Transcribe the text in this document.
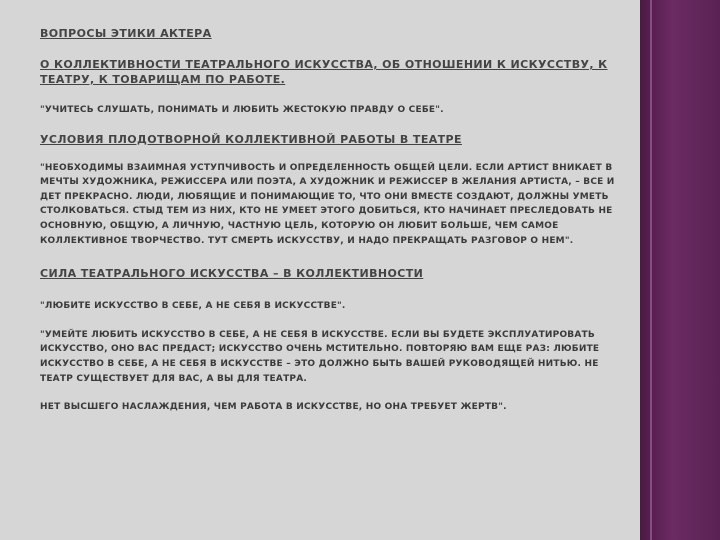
ВОПРОСЫ ЭТИКИ АКТЕРА
О КОЛЛЕКТИВНОСТИ ТЕАТРАЛЬНОГО ИСКУССТВА, ОБ ОТНОШЕНИИ К ИСКУССТВУ, К ТЕАТРУ, К ТОВАРИЩАМ ПО РАБОТЕ.
"УЧИТЕСЬ СЛУШАТЬ, ПОНИМАТЬ И ЛЮБИТЬ ЖЕСТОКУЮ ПРАВДУ О СЕБЕ".
УСЛОВИЯ ПЛОДОТВОРНОЙ КОЛЛЕКТИВНОЙ РАБОТЫ В ТЕАТРЕ
"НЕОБХОДИМЫ ВЗАИМНАЯ УСТУПЧИВОСТЬ И ОПРЕДЕЛЕННОСТЬ ОБЩЕЙ ЦЕЛИ. ЕСЛИ АРТИСТ ВНИКАЕТ В МЕЧТЫ ХУДОЖНИКА, РЕЖИССЕРА ИЛИ ПОЭТА, А ХУДОЖНИК И РЕЖИССЕР В ЖЕЛАНИЯ АРТИСТА, – ВСЕ И ДЕТ ПРЕКРАСНО. ЛЮДИ, ЛЮБЯЩИЕ И ПОНИМАЮЩИЕ ТО, ЧТО ОНИ ВМЕСТЕ СОЗДАЮТ, ДОЛЖНЫ УМЕТЬ СТОЛКОВАТЬСЯ. СТЫД ТЕМ ИЗ НИХ, КТО НЕ УМЕЕТ ЭТОГО ДОБИТЬСЯ, КТО НАЧИНАЕТ ПРЕСЛЕДОВАТЬ НЕ ОСНОВНУЮ, ОБЩУЮ, А ЛИЧНУЮ, ЧАСТНУЮ ЦЕЛЬ, КОТОРУЮ ОН ЛЮБИТ БОЛЬШЕ, ЧЕМ САМОЕ КОЛЛЕКТИВНОЕ ТВОРЧЕСТВО. ТУТ СМЕРТЬ ИСКУССТВУ, И НАДО ПРЕКРАЩАТЬ РАЗГОВОР О НЕМ".
СИЛА ТЕАТРАЛЬНОГО ИСКУССТВА – В КОЛЛЕКТИВНОСТИ
"ЛЮБИТЕ ИСКУССТВО В СЕБЕ, А НЕ СЕБЯ В ИСКУССТВЕ".
"УМЕЙТЕ ЛЮБИТЬ ИСКУССТВО В СЕБЕ, А НЕ СЕБЯ В ИСКУССТВЕ. ЕСЛИ ВЫ БУДЕТЕ ЭКСПЛУАТИРОВАТЬ ИСКУССТВО, ОНО ВАС ПРЕДАСТ; ИСКУССТВО ОЧЕНЬ МСТИТЕЛЬНО. ПОВТОРЯЮ ВАМ ЕЩЕ РАЗ: ЛЮБИТЕ ИСКУССТВО В СЕБЕ, А НЕ СЕБЯ В ИСКУССТВЕ – ЭТО ДОЛЖНО БЫТЬ ВАШЕЙ РУКОВОДЯЩЕЙ НИТЬЮ. НЕ ТЕАТР СУЩЕСТВУЕТ ДЛЯ ВАС, А ВЫ ДЛЯ ТЕАТРА.
НЕТ ВЫСШЕГО НАСЛАЖДЕНИЯ, ЧЕМ РАБОТА В ИСКУССТВЕ, НО ОНА ТРЕБУЕТ ЖЕРТВ".
